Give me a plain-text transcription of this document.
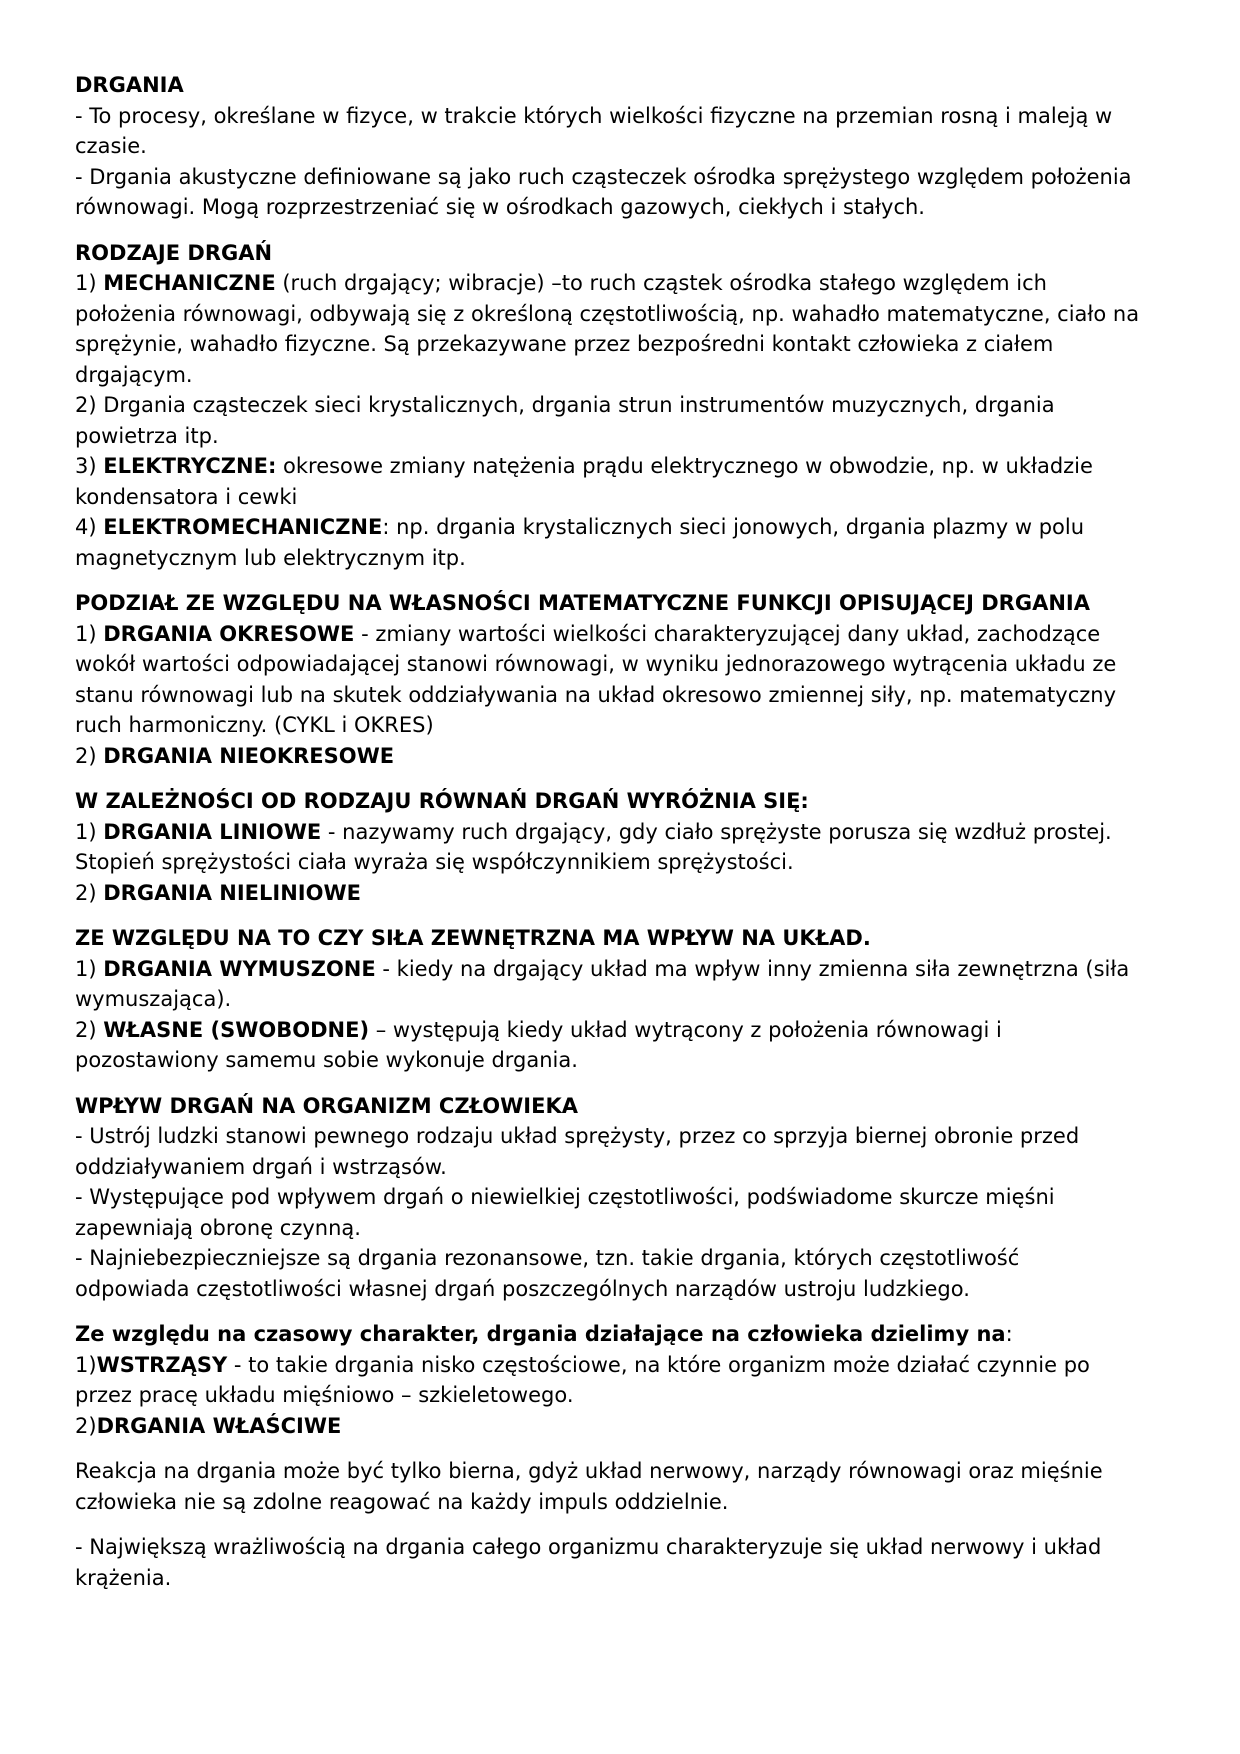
DRGANIA

- To procesy, określane w fizyce, w trakcie których wielkości fizyczne na przemian rosną i maleją w czasie.

- Drgania akustyczne definiowane są jako ruch cząsteczek ośrodka sprężystego względem położenia równowagi. Mogą rozprzestrzeniać się w ośrodkach gazowych, ciekłych i stałych.

RODZAJE DRGAŃ

1) MECHANICZNE (ruch drgający; wibracje) –to ruch cząstek ośrodka stałego względem ich położenia równowagi, odbywają się z określoną częstotliwością, np. wahadło matematyczne, ciało na sprężynie, wahadło fizyczne. Są przekazywane przez bezpośredni kontakt człowieka z ciałem drgającym.

2) Drgania cząsteczek sieci krystalicznych, drgania strun instrumentów muzycznych, drgania powietrza itp.

3) ELEKTRYCZNE: okresowe zmiany natężenia prądu elektrycznego w obwodzie, np. w układzie kondensatora i cewki

4) ELEKTROMECHANICZNE: np. drgania krystalicznych sieci jonowych, drgania plazmy w polu magnetycznym lub elektrycznym itp.

PODZIAŁ ZE WZGLĘDU NA WŁASNOŚCI MATEMATYCZNE FUNKCJI OPISUJĄCEJ DRGANIA

1) DRGANIA OKRESOWE - zmiany wartości wielkości charakteryzującej dany układ, zachodzące wokół wartości odpowiadającej stanowi równowagi, w wyniku jednorazowego wytrącenia układu ze stanu równowagi lub na skutek oddziaływania na układ okresowo zmiennej siły, np. matematyczny ruch harmoniczny. (CYKL i OKRES)

2) DRGANIA NIEOKRESOWE

W ZALEŻNOŚCI OD RODZAJU RÓWNAŃ DRGAŃ WYRÓŻNIA SIĘ:

1) DRGANIA LINIOWE - nazywamy ruch drgający, gdy ciało sprężyste porusza się wzdłuż prostej. Stopień sprężystości ciała wyraża się współczynnikiem sprężystości.

2) DRGANIA NIELINIOWE

ZE WZGLĘDU NA TO CZY SIŁA ZEWNĘTRZNA MA WPŁYW NA UKŁAD.

1) DRGANIA WYMUSZONE - kiedy na drgający układ ma wpływ inny zmienna siła zewnętrzna (siła wymuszająca).

2) WŁASNE (SWOBODNE) – występują kiedy układ wytrącony z położenia równowagi i pozostawiony samemu sobie wykonuje drgania.

WPŁYW DRGAŃ NA ORGANIZM CZŁOWIEKA

- Ustrój ludzki stanowi pewnego rodzaju układ sprężysty, przez co sprzyja biernej obronie przed oddziaływaniem drgań i wstrząsów.

- Występujące pod wpływem drgań o niewielkiej częstotliwości, podświadome skurcze mięśni zapewniają obronę czynną.

- Najniebezpieczniejsze są drgania rezonansowe, tzn. takie drgania, których częstotliwość odpowiada częstotliwości własnej drgań poszczególnych narządów ustroju ludzkiego.

Ze względu na czasowy charakter, drgania działające na człowieka dzielimy na:

1)WSTRZĄSY - to takie drgania nisko częstościowe, na które organizm może działać czynnie po przez pracę układu mięśniowo – szkieletowego.

2)DRGANIA WŁAŚCIWE

Reakcja na drgania może być tylko bierna, gdyż układ nerwowy, narządy równowagi oraz mięśnie człowieka nie są zdolne reagować na każdy impuls oddzielnie.

- Największą wrażliwością na drgania całego organizmu charakteryzuje się układ nerwowy i układ krążenia.
